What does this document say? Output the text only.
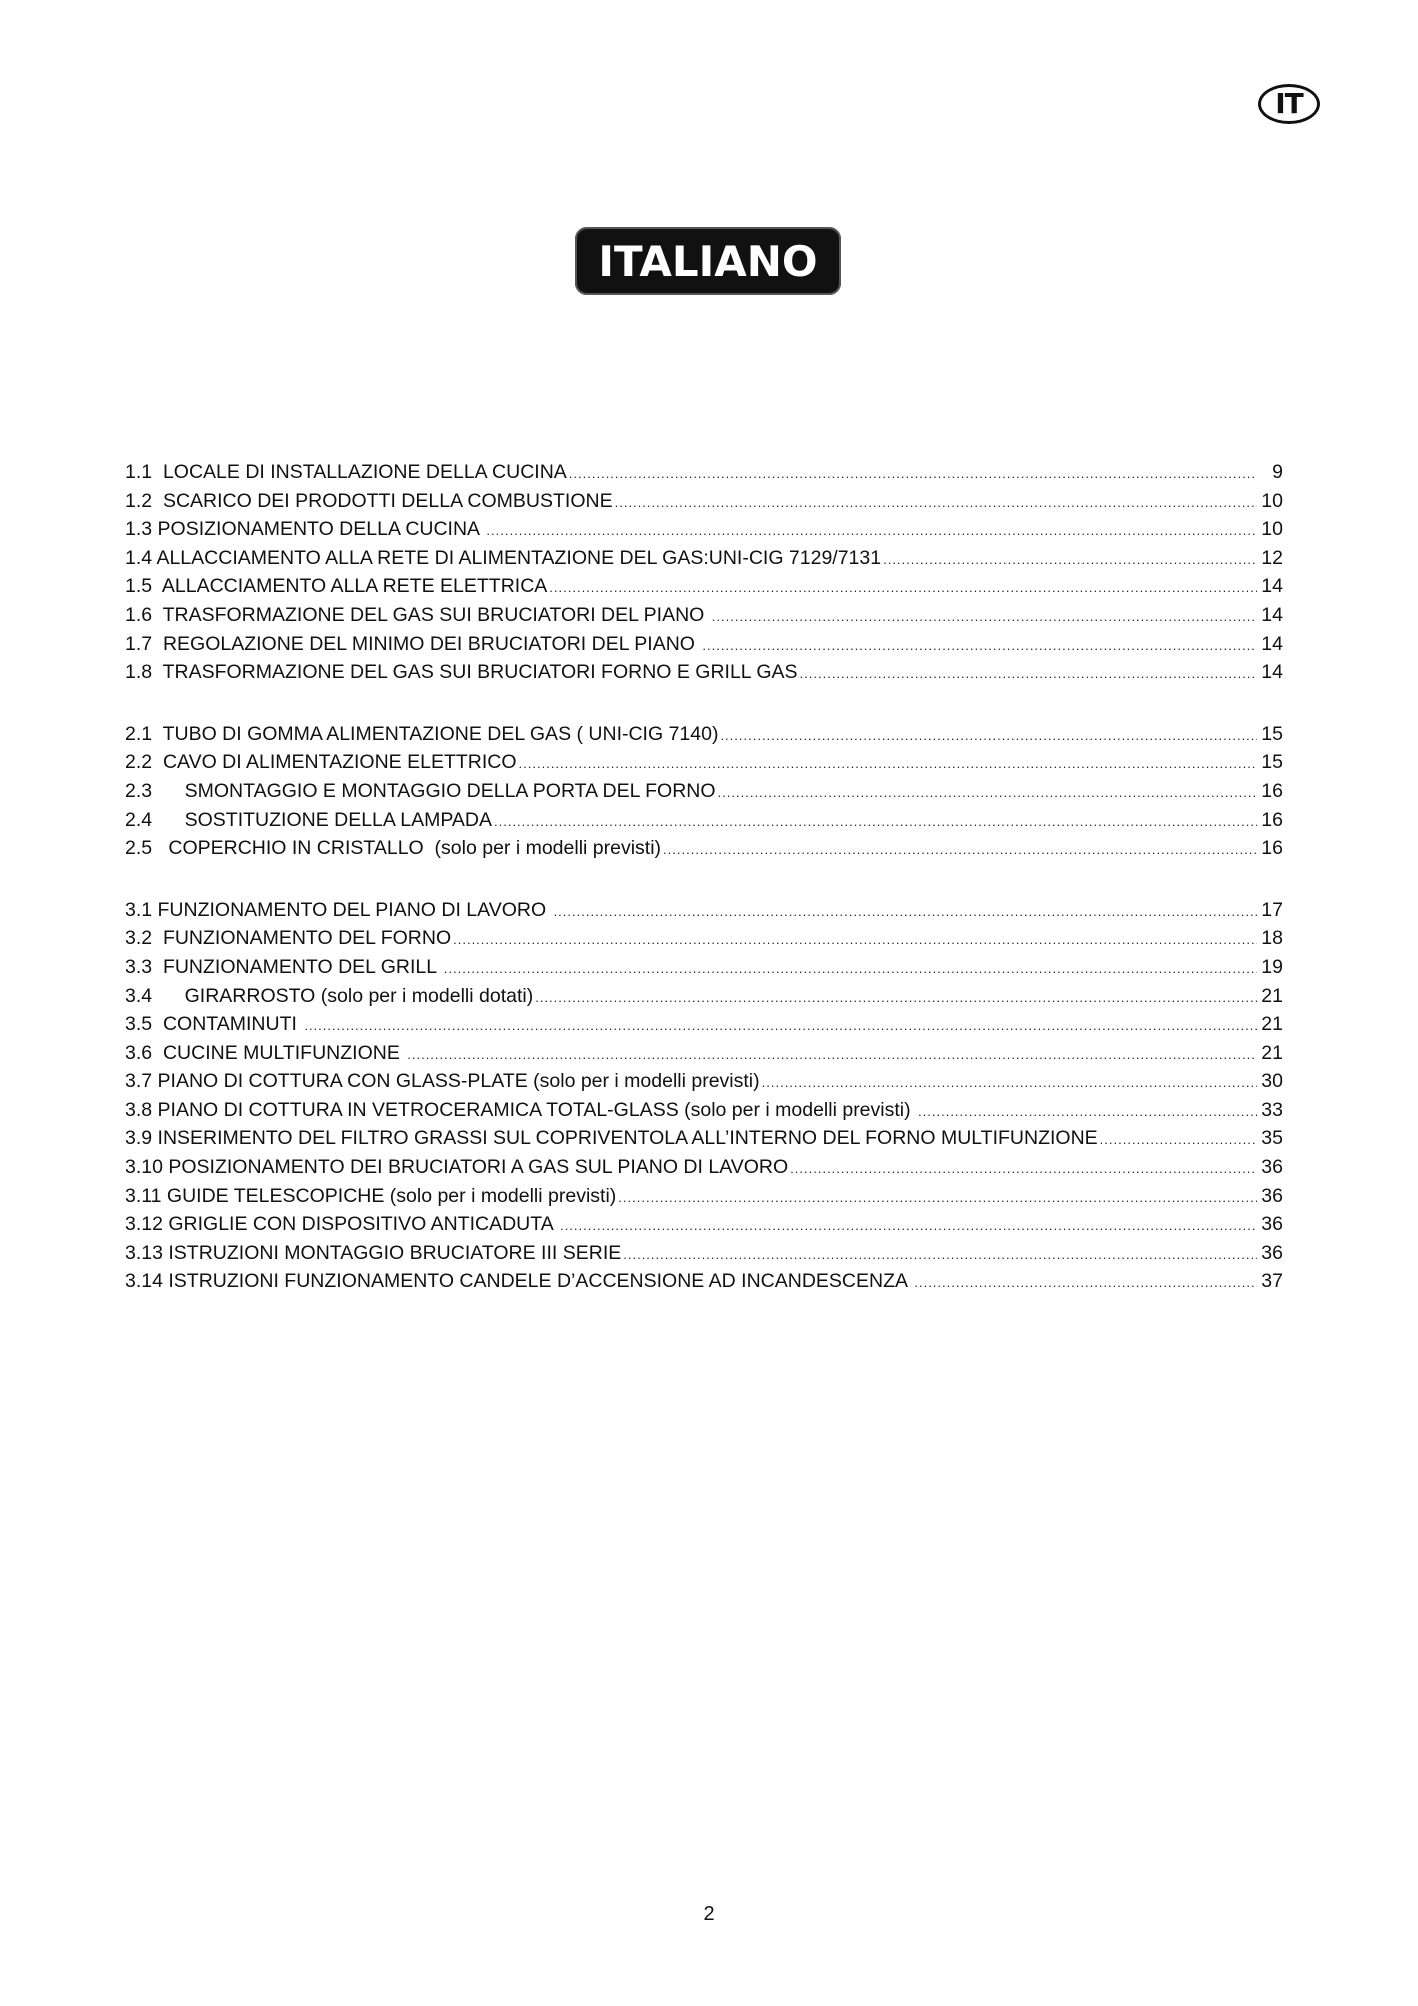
IT
ITALIANO
1.1  LOCALE DI INSTALLAZIONE DELLA CUCINA .....	9
1.2  SCARICO DEI PRODOTTI DELLA COMBUSTIONE .....	10
1.3 POSIZIONAMENTO DELLA CUCINA .....	10
1.4 ALLACCIAMENTO ALLA RETE DI ALIMENTAZIONE DEL GAS:UNI-CIG 7129/7131 .....	12
1.5  ALLACCIAMENTO ALLA RETE ELETTRICA .....	14
1.6  TRASFORMAZIONE DEL GAS SUI BRUCIATORI DEL PIANO .....	14
1.7  REGOLAZIONE DEL MINIMO DEI BRUCIATORI DEL PIANO .....	14
1.8  TRASFORMAZIONE DEL GAS SUI BRUCIATORI FORNO E GRILL GAS .....	14
2.1  TUBO DI GOMMA ALIMENTAZIONE DEL GAS ( UNI-CIG 7140) .....	15
2.2  CAVO DI ALIMENTAZIONE ELETTRICO .....	15
2.3      SMONTAGGIO E MONTAGGIO DELLA PORTA DEL FORNO .....	16
2.4      SOSTITUZIONE DELLA LAMPADA .....	16
2.5   COPERCHIO IN CRISTALLO  (solo per i modelli previsti) .....	16
3.1 FUNZIONAMENTO DEL PIANO DI LAVORO .....	17
3.2  FUNZIONAMENTO DEL FORNO .....	18
3.3  FUNZIONAMENTO DEL GRILL .....	19
3.4      GIRARROSTO (solo per i modelli dotati) .....	21
3.5  CONTAMINUTI .....	21
3.6  CUCINE MULTIFUNZIONE .....	21
3.7 PIANO DI COTTURA CON GLASS-PLATE (solo per i modelli previsti) .....	30
3.8 PIANO DI COTTURA IN VETROCERAMICA TOTAL-GLASS (solo per i modelli previsti) .....	33
3.9 INSERIMENTO DEL FILTRO GRASSI SUL COPRIVENTOLA ALL’INTERNO DEL FORNO MULTIFUNZIONE .....	35
3.10 POSIZIONAMENTO DEI BRUCIATORI A GAS SUL PIANO DI LAVORO .....	36
3.11 GUIDE TELESCOPICHE (solo per i modelli previsti) .....	36
3.12 GRIGLIE CON DISPOSITIVO ANTICADUTA .....	36
3.13 ISTRUZIONI MONTAGGIO BRUCIATORE III SERIE .....	36
3.14 ISTRUZIONI FUNZIONAMENTO CANDELE D’ACCENSIONE AD INCANDESCENZA .....	37
2
